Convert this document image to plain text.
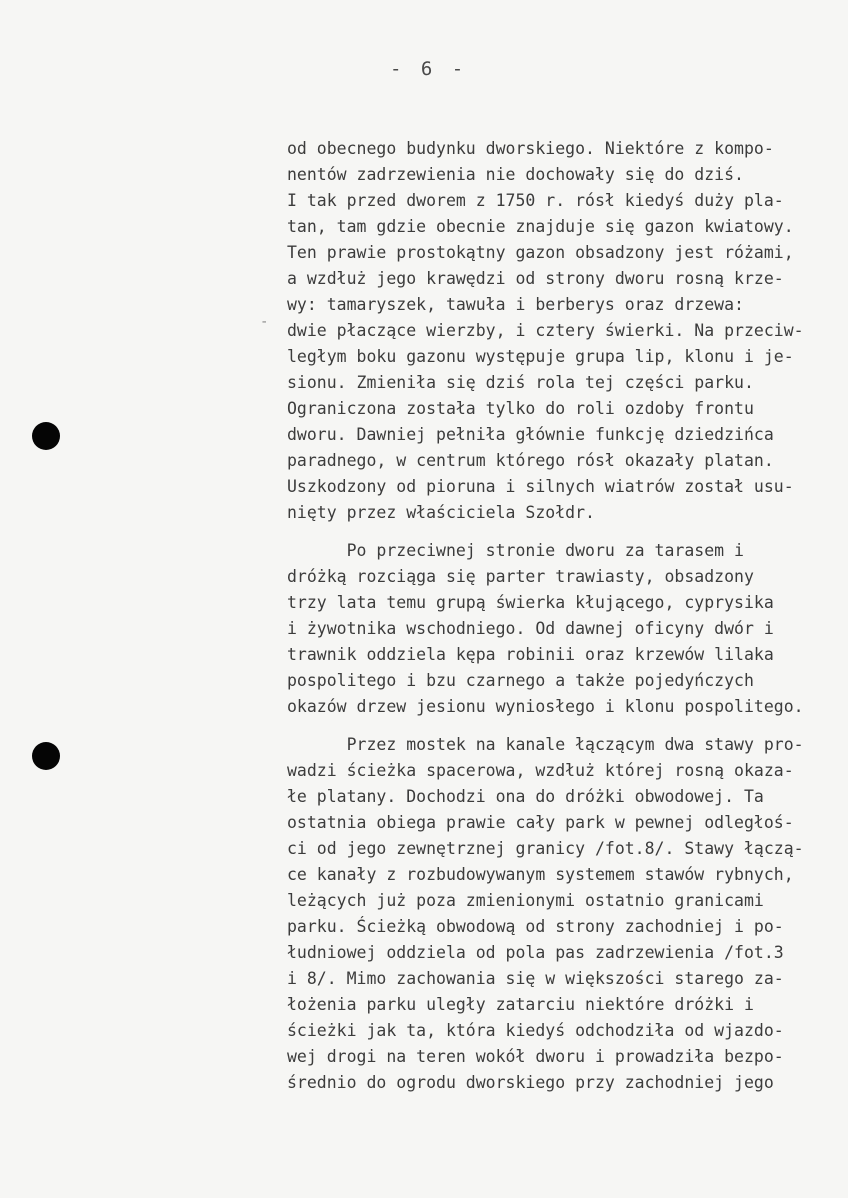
- 6 -
-
od obecnego budynku dworskiego. Niektóre z kompo-
nentów zadrzewienia nie dochowały się do dziś.
I tak przed dworem z 1750 r. rósł kiedyś duży pla-
tan, tam gdzie obecnie znajduje się gazon kwiatowy.
Ten prawie prostokątny gazon obsadzony jest różami,
a wzdłuż jego krawędzi od strony dworu rosną krze-
wy: tamaryszek, tawuła i berberys oraz drzewa:
dwie płaczące wierzby, i cztery świerki. Na przeciw-
ległym boku gazonu występuje grupa lip, klonu i je-
sionu. Zmieniła się dziś rola tej części parku.
Ograniczona została tylko do roli ozdoby frontu
dworu. Dawniej pełniła głównie funkcję dziedzińca
paradnego, w centrum którego rósł okazały platan.
Uszkodzony od pioruna i silnych wiatrów został usu-
nięty przez właściciela Szołdr.
Po przeciwnej stronie dworu za tarasem i
dróżką rozciąga się parter trawiasty, obsadzony
trzy lata temu grupą świerka kłującego, cyprysika
i żywotnika wschodniego. Od dawnej oficyny dwór i
trawnik oddziela kępa robinii oraz krzewów lilaka
pospolitego i bzu czarnego a także pojedyńczych
okazów drzew jesionu wyniosłego i klonu pospolitego.
Przez mostek na kanale łączącym dwa stawy pro-
wadzi ścieżka spacerowa, wzdłuż której rosną okaza-
łe platany. Dochodzi ona do dróżki obwodowej. Ta
ostatnia obiega prawie cały park w pewnej odległoś-
ci od jego zewnętrznej granicy /fot.8/. Stawy łączą-
ce kanały z rozbudowywanym systemem stawów rybnych,
leżących już poza zmienionymi ostatnio granicami
parku. Ścieżką obwodową od strony zachodniej i po-
łudniowej oddziela od pola pas zadrzewienia /fot.3
i 8/. Mimo zachowania się w większości starego za-
łożenia parku uległy zatarciu niektóre dróżki i
ścieżki jak ta, która kiedyś odchodziła od wjazdo-
wej drogi na teren wokół dworu i prowadziła bezpo-
średnio do ogrodu dworskiego przy zachodniej jego
